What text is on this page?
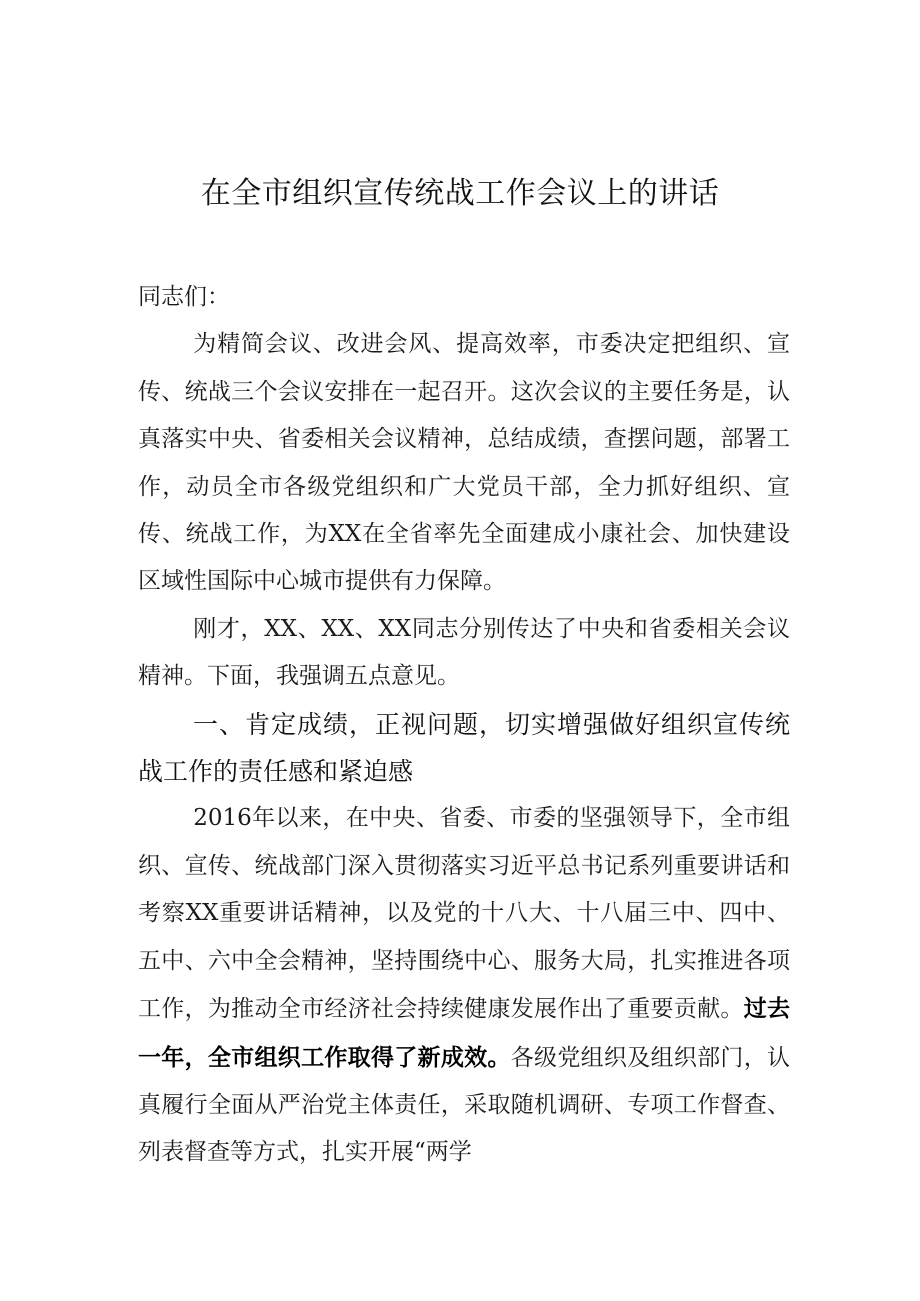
在全市组织宣传统战工作会议上的讲话

同志们：

为精简会议、改进会风、提高效率，市委决定把组织、宣传、统战三个会议安排在一起召开。这次会议的主要任务是，认真落实中央、省委相关会议精神，总结成绩，查摆问题，部署工作，动员全市各级党组织和广大党员干部，全力抓好组织、宣传、统战工作，为XX在全省率先全面建成小康社会、加快建设区域性国际中心城市提供有力保障。

刚才，XX、XX、XX同志分别传达了中央和省委相关会议精神。下面，我强调五点意见。

一、肯定成绩，正视问题，切实增强做好组织宣传统战工作的责任感和紧迫感

2016年以来，在中央、省委、市委的坚强领导下，全市组织、宣传、统战部门深入贯彻落实习近平总书记系列重要讲话和考察XX重要讲话精神，以及党的十八大、十八届三中、四中、五中、六中全会精神，坚持围绕中心、服务大局，扎实推进各项工作，为推动全市经济社会持续健康发展作出了重要贡献。过去一年，全市组织工作取得了新成效。各级党组织及组织部门，认真履行全面从严治党主体责任，采取随机调研、专项工作督查、列表督查等方式，扎实开展“两学
